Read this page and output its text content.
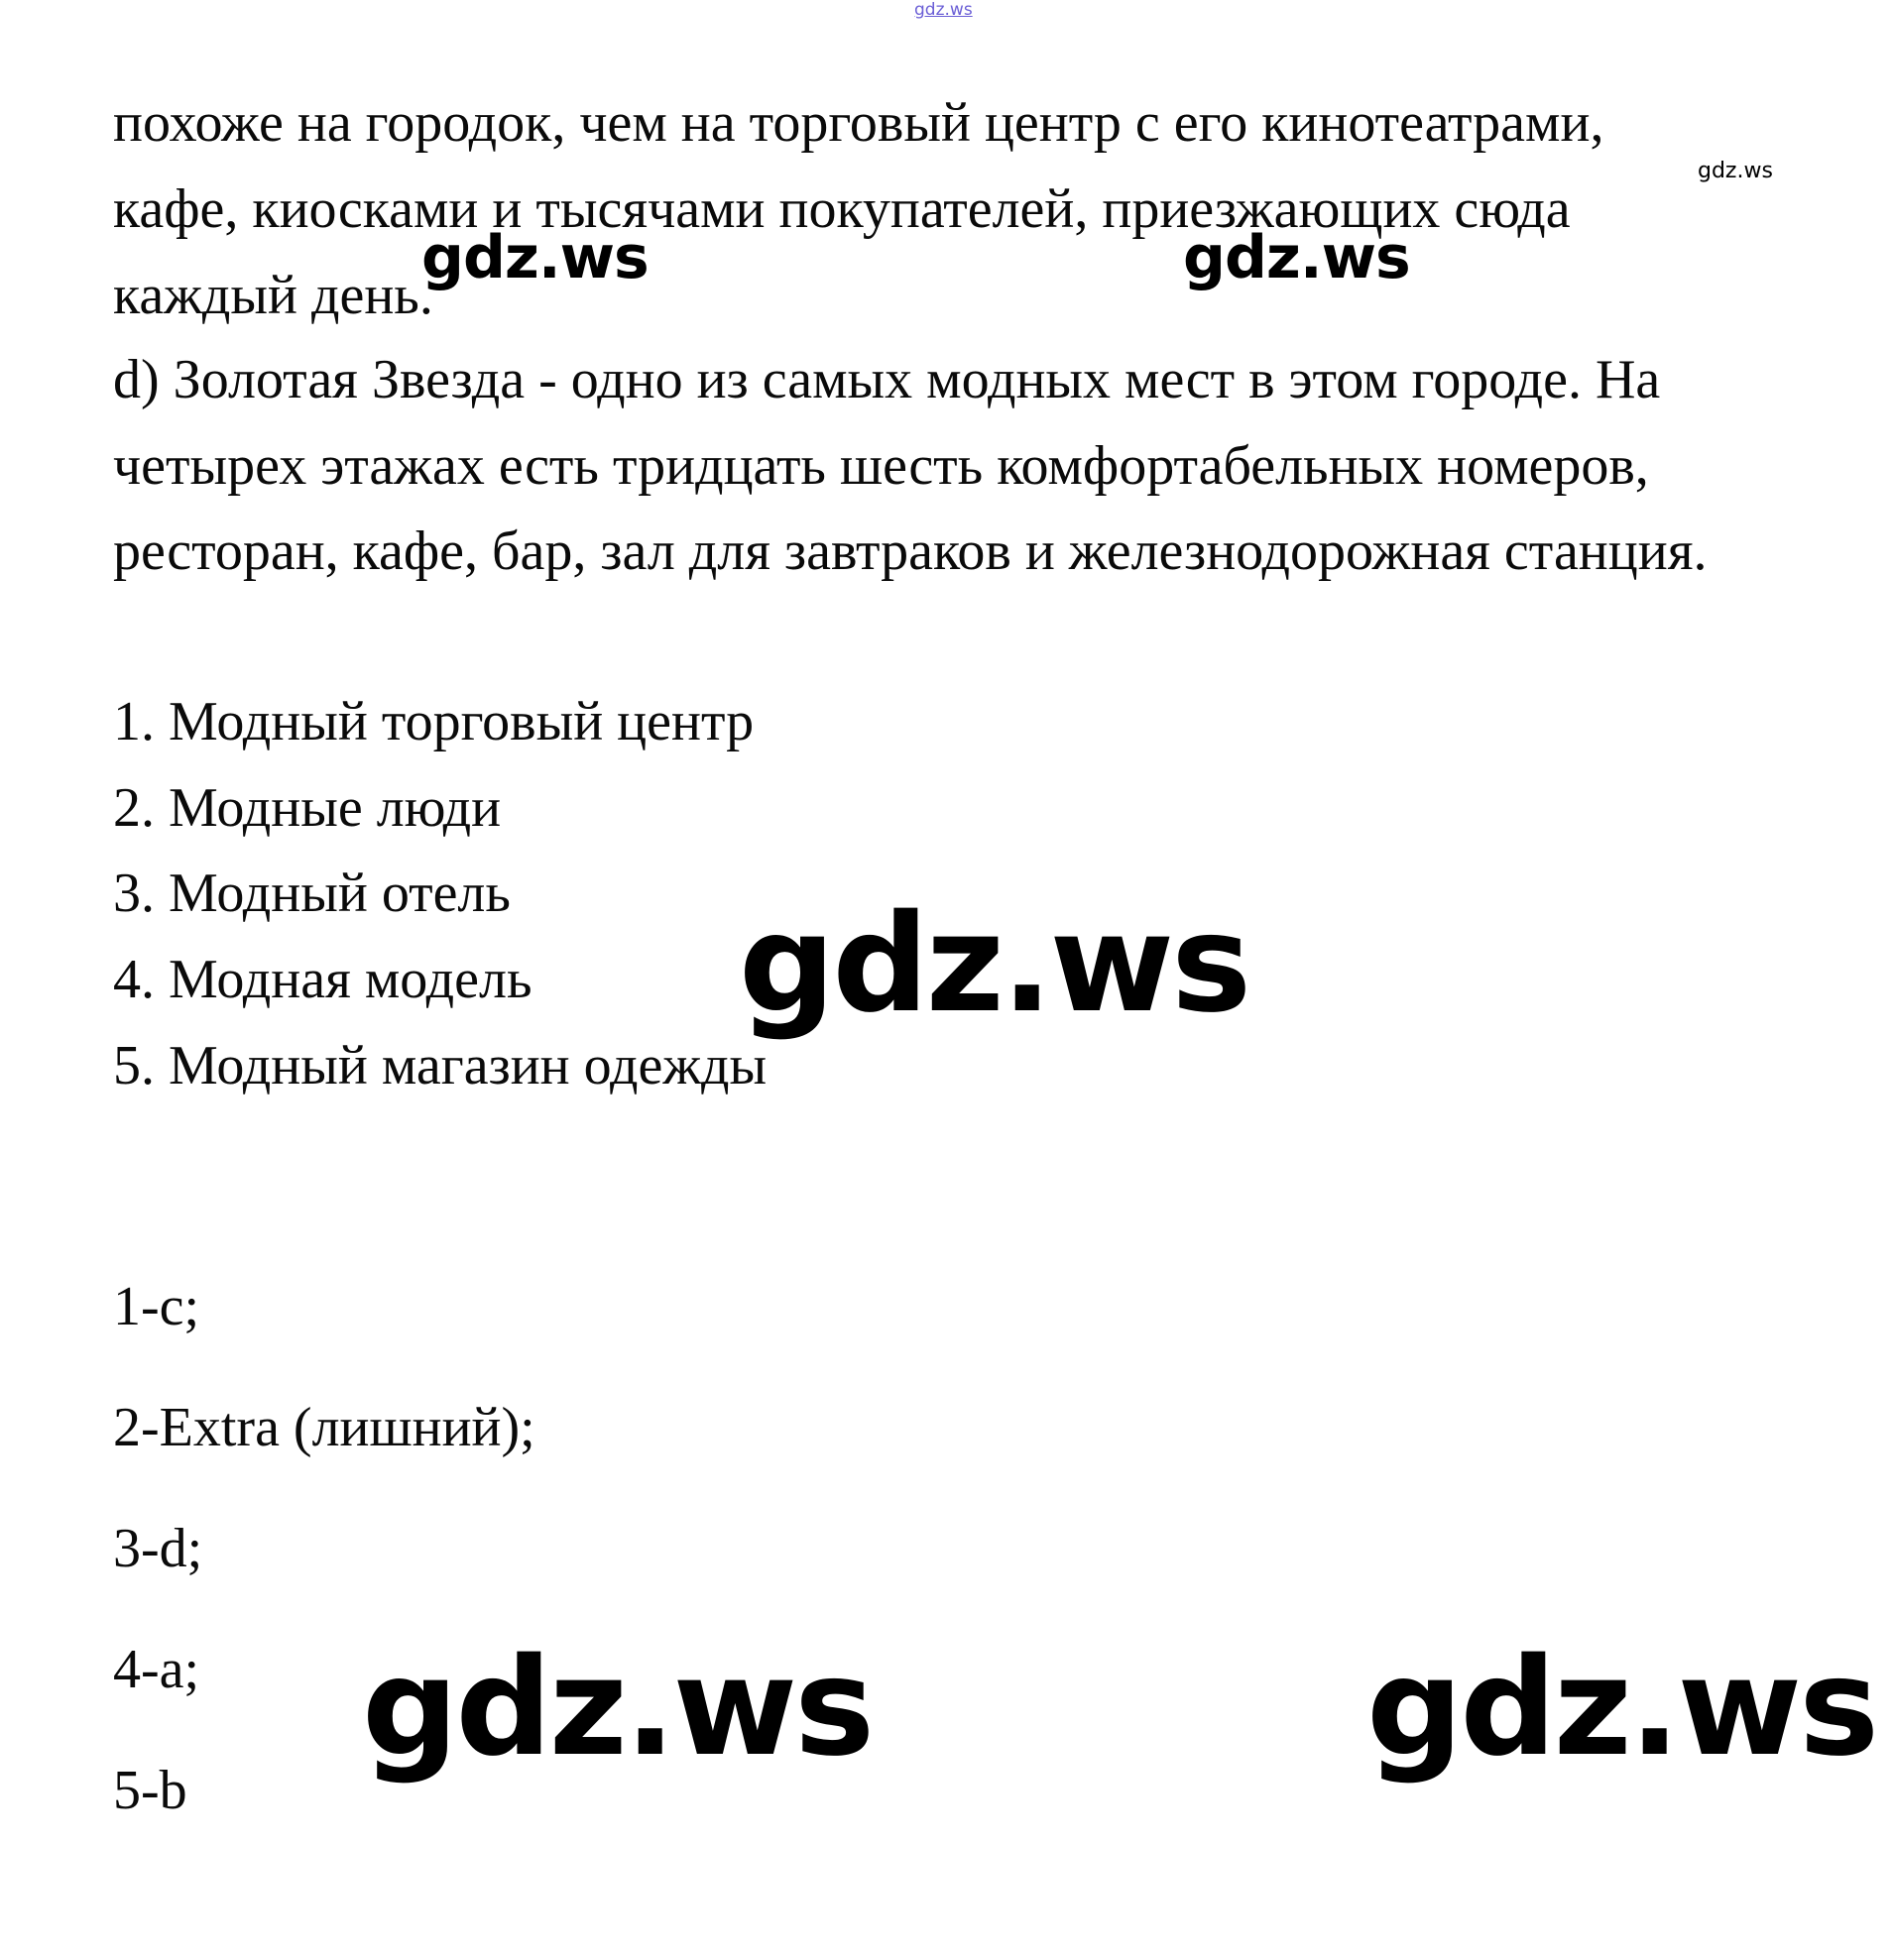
gdz.ws
похоже на городок, чем на торговый центр с его кинотеатрами,
кафе, киосками и тысячами покупателей, приезжающих сюда
каждый день.
gdz.ws
gdz.ws	gdz.ws
d) Золотая Звезда - одно из самых модных мест в этом городе. На
четырех этажах есть тридцать шесть комфортабельных номеров,
ресторан, кафе, бар, зал для завтраков и железнодорожная станция.
1. Модный торговый центр
2. Модные люди
3. Модный отель
4. Модная модель
5. Модный магазин одежды
gdz.ws
1-c;
2-Extra (лишний);
3-d;
4-a;
5-b
gdz.ws	gdz.ws
